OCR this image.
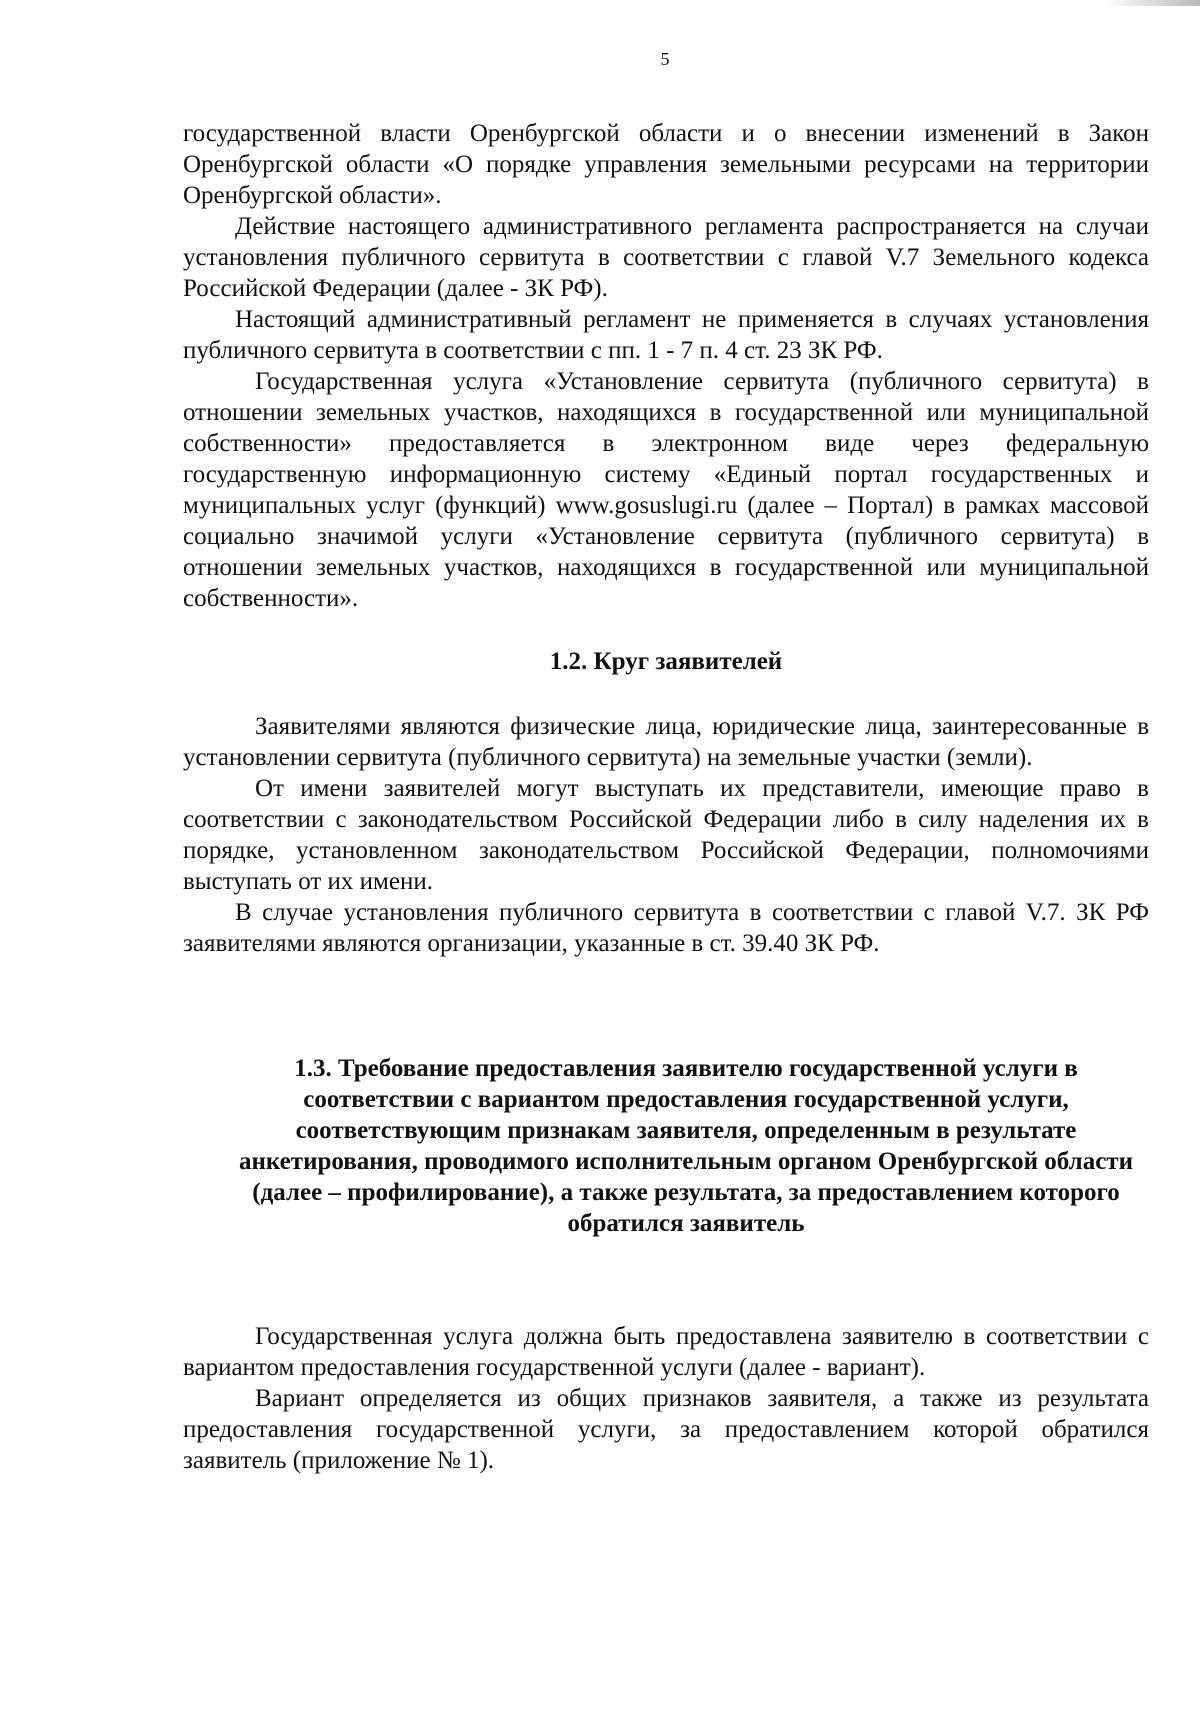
5

государственной власти Оренбургской области и о внесении изменений в Закон Оренбургской области «О порядке управления земельными ресурсами на территории Оренбургской области».

Действие настоящего административного регламента распространяется на случаи установления публичного сервитута в соответствии с главой V.7 Земельного кодекса Российской Федерации (далее - ЗК РФ).

Настоящий административный регламент не применяется в случаях установления публичного сервитута в соответствии с пп. 1 - 7 п. 4 ст. 23 ЗК РФ.

Государственная услуга «Установление сервитута (публичного сервитута) в отношении земельных участков, находящихся в государственной или муниципальной собственности» предоставляется в электронном виде через федеральную государственную информационную систему «Единый портал государственных и муниципальных услуг (функций) www.gosuslugi.ru (далее – Портал) в рамках массовой социально значимой услуги «Установление сервитута (публичного сервитута) в отношении земельных участков, находящихся в государственной или муниципальной собственности».

1.2. Круг заявителей

Заявителями являются физические лица, юридические лица, заинтересованные в установлении сервитута (публичного сервитута) на земельные участки (земли).

От имени заявителей могут выступать их представители, имеющие право в соответствии с законодательством Российской Федерации либо в силу наделения их в порядке, установленном законодательством Российской Федерации, полномочиями выступать от их имени.

В случае установления публичного сервитута в соответствии с главой V.7. ЗК РФ заявителями являются организации, указанные в ст. 39.40 ЗК РФ.

1.3. Требование предоставления заявителю государственной услуги в соответствии с вариантом предоставления государственной услуги, соответствующим признакам заявителя, определенным в результате анкетирования, проводимого исполнительным органом Оренбургской области (далее – профилирование), а также результата, за предоставлением которого обратился заявитель

Государственная услуга должна быть предоставлена заявителю в соответствии с вариантом предоставления государственной услуги (далее - вариант).

Вариант определяется из общих признаков заявителя, а также из результата предоставления государственной услуги, за предоставлением которой обратился заявитель (приложение № 1).
